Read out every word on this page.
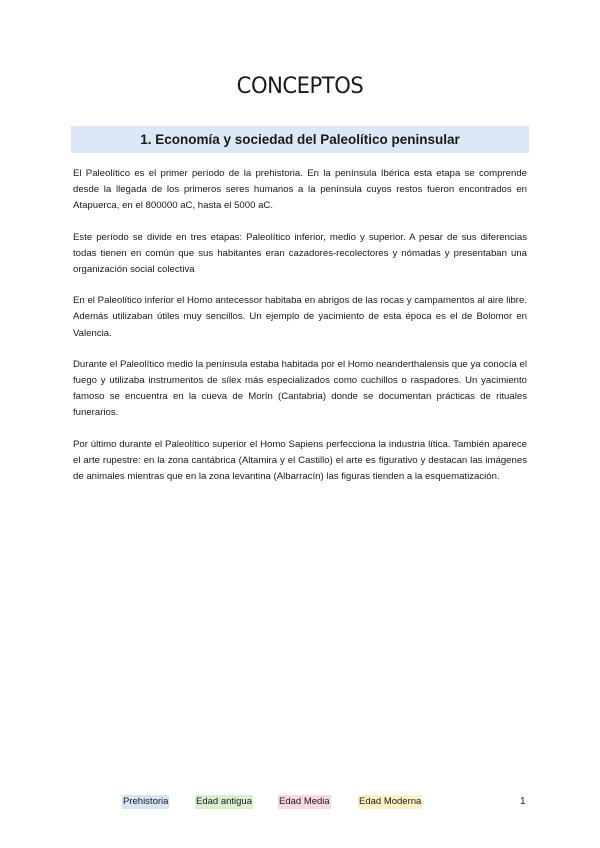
CONCEPTOS
1. Economía y sociedad del Paleolítico peninsular

El Paleolítico es el primer período de la prehistoria. En la península Ibérica esta etapa se comprende desde la llegada de los primeros seres humanos a la península cuyos restos fueron encontrados en Atapuerca, en el 800000 aC, hasta el 5000 aC.

Este período se divide en tres etapas: Paleolítico inferior, medio y superior. A pesar de sus diferencias todas tienen en común que sus habitantes eran cazadores-recolectores y nómadas y presentaban una organización social colectiva

En el Paleolítico inferior el Homo antecessor habitaba en abrigos de las rocas y campamentos al aire libre. Además utilizaban útiles muy sencillos. Un ejemplo de yacimiento de esta época es el de Bolomor en Valencia.

Durante el Paleolítico medio la península estaba habitada por el Homo neanderthalensis que ya conocía el fuego y utilizaba instrumentos de sílex más especializados como cuchillos o raspadores. Un yacimiento famoso se encuentra en la cueva de Morín (Cantabria) donde se documentan prácticas de rituales funerarios.

Por último durante el Paleolítico superior el Homo Sapiens perfecciona la industria lítica. También aparece el arte rupestre: en la zona cantábrica (Altamira y el Castillo) el arte es figurativo y destacan las imágenes de animales mientras que en la zona levantina (Albarracín) las figuras tienden a la esquematización.

Prehistoria	Edad antigua	Edad Media	Edad Moderna	1
